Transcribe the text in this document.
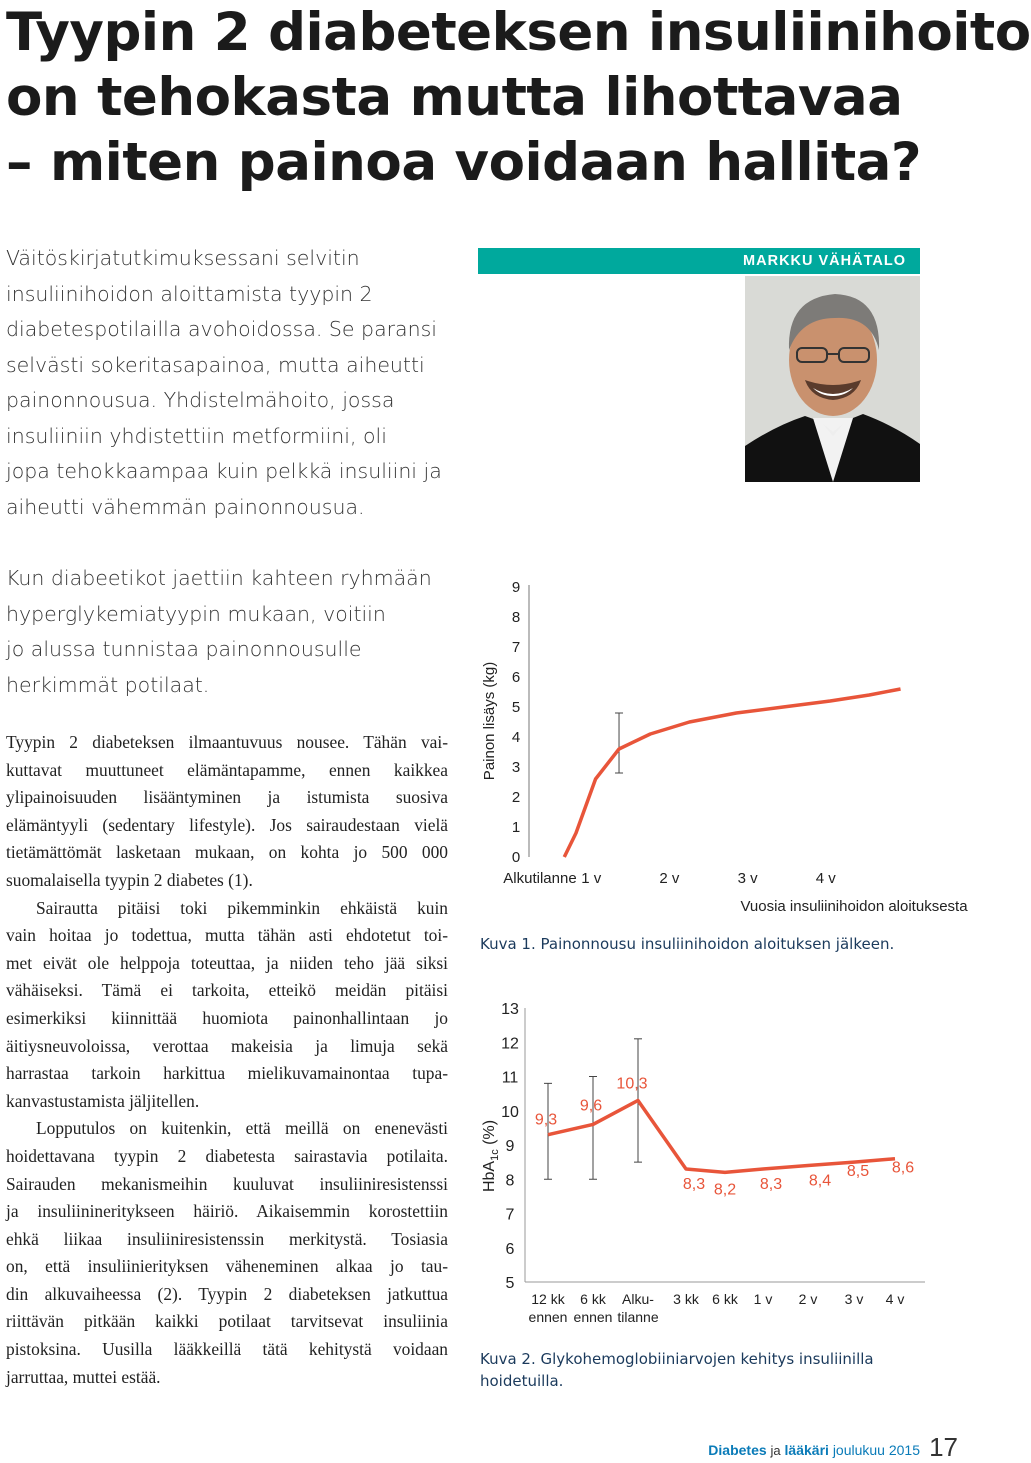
Tyypin 2 diabeteksen insuliinihoito
on tehokasta mutta lihottavaa
– miten painoa voidaan hallita?
Väitöskirjatutkimuksessani selvitin
insuliinihoidon aloittamista tyypin 2
diabetespotilailla avohoidossa. Se paransi
selvästi sokeritasapainoa, mutta aiheutti
painonnousua. Yhdistelmähoito, jossa
insuliiniin yhdistettiin metformiini, oli
jopa tehokkaampaa kuin pelkkä insuliini ja
aiheutti vähemmän painonnousua.
Kun diabeetikot jaettiin kahteen ryhmään
hyperglykemiatyypin mukaan, voitiin
jo alussa tunnistaa painonnousulle
herkimmät potilaat.
Tyypin 2 diabeteksen ilmaantuvuus nousee. Tähän vai-
kuttavat muuttuneet elämäntapamme, ennen kaikkea
ylipainoisuuden lisääntyminen ja istumista suosiva
elämäntyyli (sedentary lifestyle). Jos sairaudestaan vielä
tietämättömät lasketaan mukaan, on kohta jo 500 000
suomalaisella tyypin 2 diabetes (1).
Sairautta pitäisi toki pikemminkin ehkäistä kuin
vain hoitaa jo todettua, mutta tähän asti ehdotetut toi-
met eivät ole helppoja toteuttaa, ja niiden teho jää siksi
vähäiseksi. Tämä ei tarkoita, etteikö meidän pitäisi
esimerkiksi kiinnittää huomiota painonhallintaan jo
äitiysneuvoloissa, verottaa makeisia ja limuja sekä
harrastaa tarkoin harkittua mielikuvamainontaa tupa-
kanvastustamista jäljitellen.
Lopputulos on kuitenkin, että meillä on enenevästi
hoidettavana tyypin 2 diabetesta sairastavia potilaita.
Sairauden mekanismeihin kuuluvat insuliiniresistenssi
ja insuliinineritykseen häiriö. Aikaisemmin korostettiin
ehkä liikaa insuliiniresistenssin merkitystä. Tosiasia
on, että insuliinierityksen väheneminen alkaa jo tau-
din alkuvaiheessa (2). Tyypin 2 diabeteksen jatkuttua
riittävän pitkään kaikki potilaat tarvitsevat insuliinia
pistoksina. Uusilla lääkkeillä tätä kehitystä voidaan
jarruttaa, muttei estää.
MARKKU VÄHÄTALO
0
1
2
3
4
5
6
7
8
9
Alkutilanne 1 v	2 v	3 v	4 v
Painon lisäys (kg)
Vuosia insuliinihoidon aloituksesta
Kuva 1. Painonnousu insuliinihoidon aloituksen jälkeen.
5
6
7
8
9
10
11
12
13
12 kk
ennen
6 kk
ennen
Alku-
tilanne
3 kk 6 kk 1 v 2 v 3 v 4 v
9,3
9,6
10,3
8,3 8,2 8,3 8,4
8,5 8,6
HbA$_{1c}$ (%)
Kuva 2. Glykohemoglobiiniarvojen kehitys insuliinilla hoidetuilla.
Diabetes ja lääkäri joulukuu 2015 17
